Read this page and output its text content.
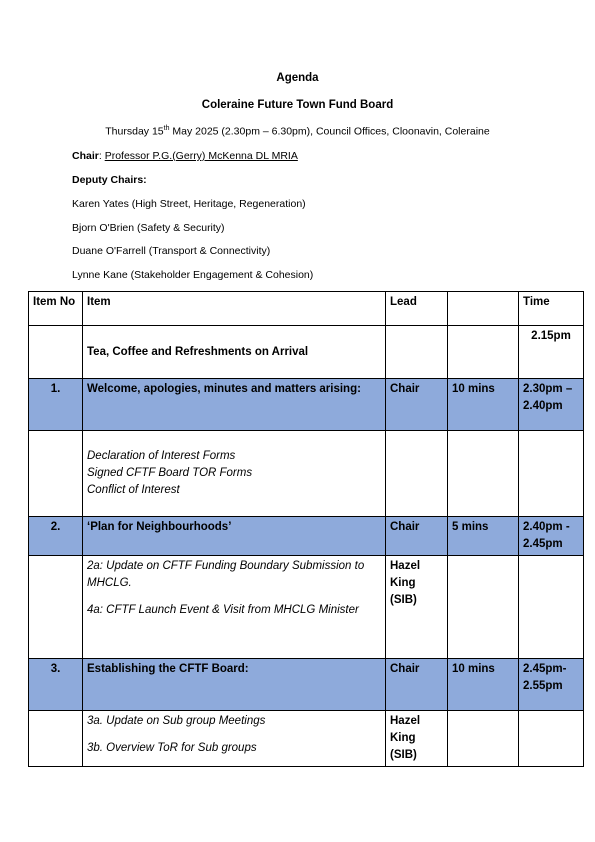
Agenda
Coleraine Future Town Fund Board
Thursday 15th May 2025 (2.30pm – 6.30pm), Council Offices, Cloonavin, Coleraine
Chair: Professor P.G.(Gerry) McKenna DL MRIA
Deputy Chairs:
Karen Yates (High Street, Heritage, Regeneration)
Bjorn O'Brien (Safety & Security)
Duane O'Farrell (Transport & Connectivity)
Lynne Kane (Stakeholder Engagement & Cohesion)
Item No	Item	Lead		Time
	Tea, Coffee and Refreshments on Arrival			2.15pm
1.	Welcome, apologies, minutes and matters arising:	Chair	10 mins	2.30pm –2.40pm

	Declaration of Interest Forms
Signed CFTF Board TOR Forms
Conflict of Interest			

2.	‘Plan for Neighbourhoods’	Chair	5 mins	2.40pm - 2.45pm

	2a: Update on CFTF Funding Boundary Submission to MHCLG.
4a: CFTF Launch Event & Visit from MHCLG Minister	Hazel King (SIB)		
3.	Establishing the CFTF Board:	Chair	10 mins	2.45pm- 2.55pm

	3a. Update on Sub group Meetings
3b. Overview ToR for Sub groups	Hazel King (SIB)		
